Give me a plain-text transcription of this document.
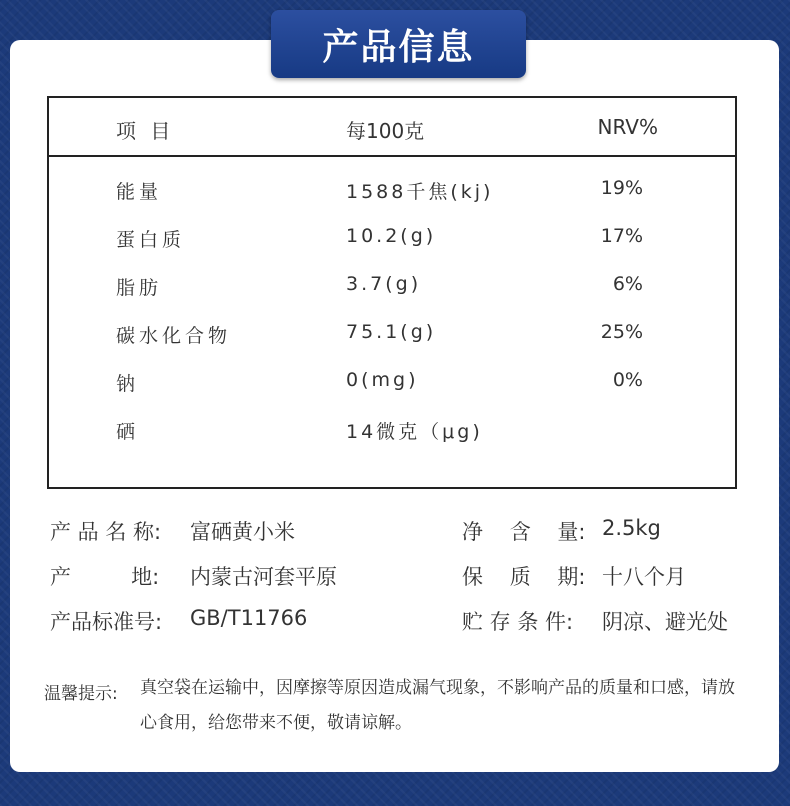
产品信息
项 目	每100克	NRV%
能量	1588千焦(kj)	19%
蛋白质	10.2(g)	17%
脂肪	3.7(g)	6%
碳水化合物	75.1(g)	25%
钠	0(mg)	0%
硒	14微克（μg)
产 品 名 称: 富硒黄小米
产         地: 内蒙古河套平原
产品标准号: GB/T11766
净    含    量: 2.5kg
保    质    期: 十八个月
贮 存 条 件: 阴凉、避光处
温馨提示: 真空袋在运输中，因摩擦等原因造成漏气现象，不影响产品的质量和口感，请放心食用，给您带来不便，敬请谅解。
